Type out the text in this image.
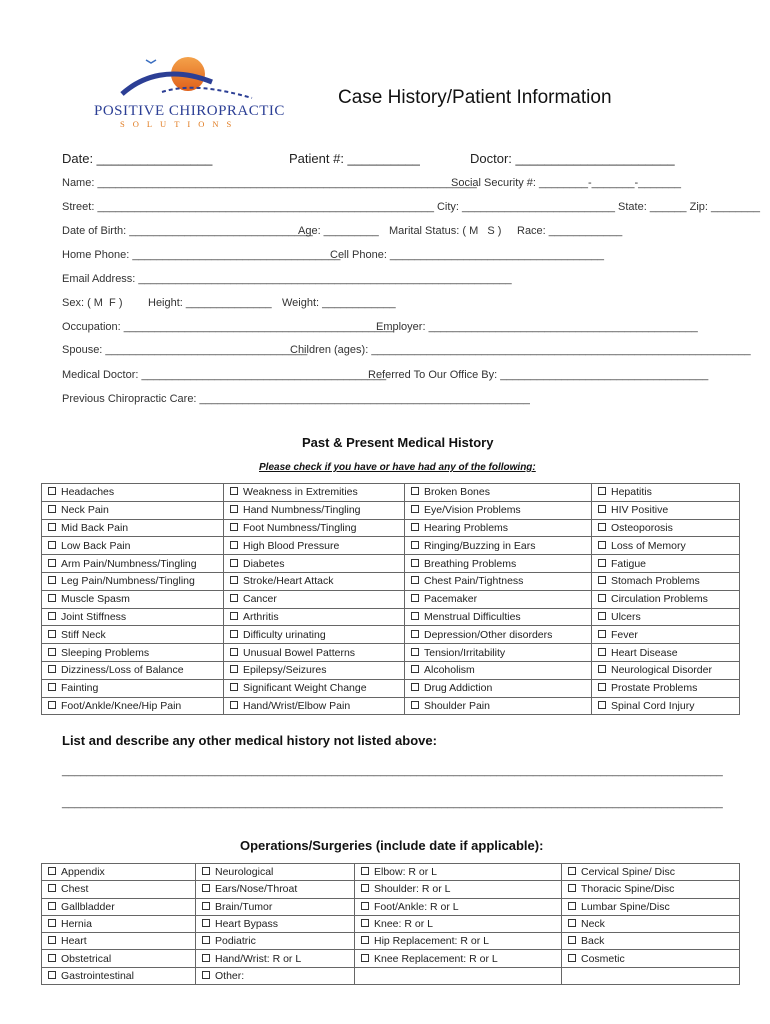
POSITIVE CHIROPRACTIC
SOLUTIONS
Case History/Patient Information
Date: ________________	Patient #: __________	Doctor: ______________________
Name: ______________________________________________________________
Social Security #: ________-_______-_______
Street: _______________________________________________________ City: _________________________ State: ______ Zip: ________
Date of Birth: ______________________________
Age: _________ Marital Status: ( M   S ) Race: ____________
Home Phone: __________________________________
Cell Phone: ___________________________________
Email Address: _____________________________________________________________
Sex: ( M  F ) Height: ______________ Weight: ____________
Occupation: ____________________________________________
Employer: ____________________________________________
Spouse: _________________________________
Children (ages): ______________________________________________________________
Medical Doctor: ________________________________________
Referred To Our Office By: __________________________________
Previous Chiropractic Care: ______________________________________________________
Past & Present Medical History
Please check if you have or have had any of the following:
Headaches	Weakness in Extremities	Broken Bones	Hepatitis
Neck Pain	Hand Numbness/Tingling	Eye/Vision Problems	HIV Positive
Mid Back Pain	Foot Numbness/Tingling	Hearing Problems	Osteoporosis
Low Back Pain	High Blood Pressure	Ringing/Buzzing in Ears	Loss of Memory
Arm Pain/Numbness/Tingling	Diabetes	Breathing Problems	Fatigue
Leg Pain/Numbness/Tingling	Stroke/Heart Attack	Chest Pain/Tightness	Stomach Problems
Muscle Spasm	Cancer	Pacemaker	Circulation Problems
Joint Stiffness	Arthritis	Menstrual Difficulties	Ulcers
Stiff Neck	Difficulty urinating	Depression/Other disorders	Fever
Sleeping Problems	Unusual Bowel Patterns	Tension/Irritability	Heart Disease
Dizziness/Loss of Balance	Epilepsy/Seizures	Alcoholism	Neurological Disorder
Fainting	Significant Weight Change	Drug Addiction	Prostate Problems
Foot/Ankle/Knee/Hip Pain	Hand/Wrist/Elbow Pain	Shoulder Pain	Spinal Cord Injury
List and describe any other medical history not listed above:
____________________________________________________________________________________________________________
____________________________________________________________________________________________________________
Operations/Surgeries (include date if applicable):
Appendix	Neurological	Elbow: R or L	Cervical Spine/ Disc
Chest	Ears/Nose/Throat	Shoulder: R or L	Thoracic Spine/Disc
Gallbladder	Brain/Tumor	Foot/Ankle: R or L	Lumbar Spine/Disc
Hernia	Heart Bypass	Knee: R or L	Neck
Heart	Podiatric	Hip Replacement: R or L	Back
Obstetrical	Hand/Wrist: R or L	Knee Replacement: R or L	Cosmetic
Gastrointestinal	Other:		
